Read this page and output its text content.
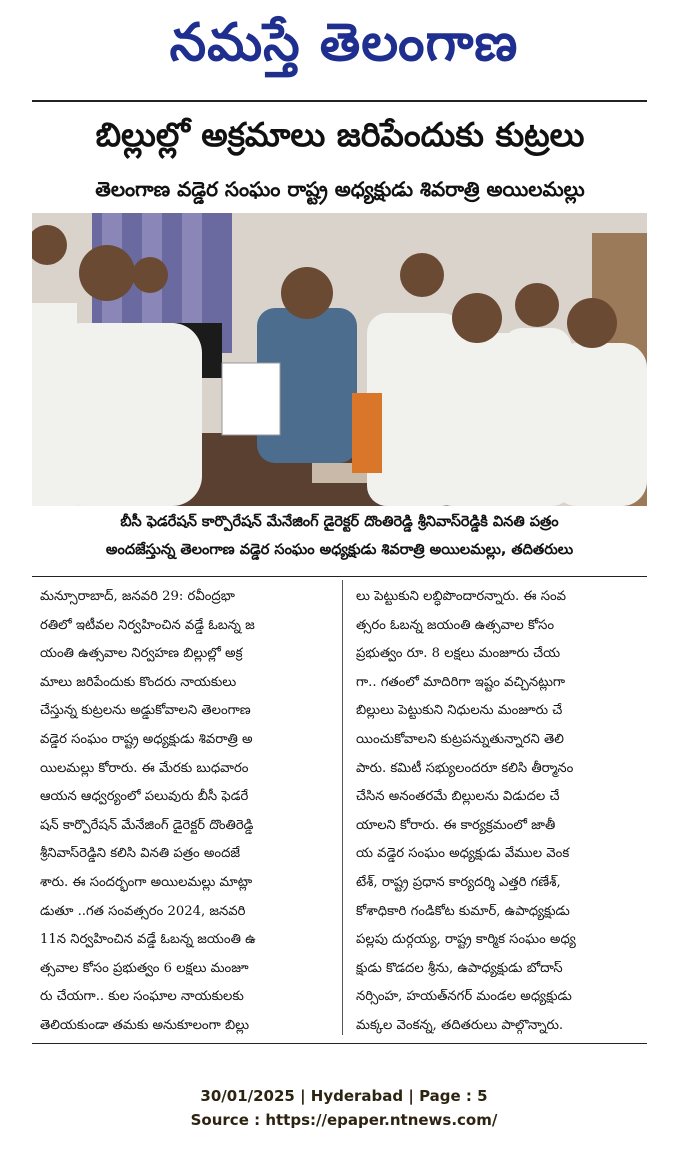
నమస్తే తెలంగాణ
బిల్లుల్లో అక్రమాలు జరిపేందుకు కుట్రలు
తెలంగాణ వడ్డెర సంఘం రాష్ట్ర అధ్యక్షుడు శివరాత్రి అయిలమల్లు
బీసీ ఫెడరేషన్ కార్పొరేషన్ మేనేజింగ్ డైరెక్టర్ దొంతిరెడ్డి శ్రీనివాస్‌రెడ్డికి వినతి పత్రం
అందజేస్తున్న తెలంగాణ వడ్డెర సంఘం అధ్యక్షుడు శివరాత్రి అయిలమల్లు, తదితరులు
మన్సూరాబాద్, జనవరి 29: రవీంద్రభా
రతిలో ఇటీవల నిర్వహించిన వడ్డే ఓబన్న జ
యంతి ఉత్సవాల నిర్వహణ బిల్లుల్లో అక్ర
మాలు జరిపేందుకు కొందరు నాయకులు
చేస్తున్న కుట్రలను అడ్డుకోవాలని తెలంగాణ
వడ్డెర సంఘం రాష్ట్ర అధ్యక్షుడు శివరాత్రి అ
యిలమల్లు కోరారు. ఈ మేరకు బుధవారం
ఆయన ఆధ్వర్యంలో పలువురు బీసీ ఫెడరే
షన్ కార్పొరేషన్ మేనేజింగ్ డైరెక్టర్ దొంతిరెడ్డి
శ్రీనివాస్‌రెడ్డిని కలిసి వినతి పత్రం అందజే
శారు. ఈ సందర్భంగా అయిలమల్లు మాట్లా
డుతూ ..గత సంవత్సరం 2024, జనవరి
11న నిర్వహించిన వడ్డే ఓబన్న జయంతి ఉ
త్సవాల కోసం ప్రభుత్వం 6 లక్షలు మంజూ
రు చేయగా.. కుల సంఘాల నాయకులకు
తెలియకుండా తమకు అనుకూలంగా బిల్లు
లు పెట్టుకుని లబ్ధిపొందారన్నారు. ఈ సంవ
త్సరం ఓబన్న జయంతి ఉత్సవాల కోసం
ప్రభుత్వం రూ. 8 లక్షలు మంజూరు చేయ
గా.. గతంలో మాదిరిగా ఇష్టం వచ్చినట్లుగా
బిల్లులు పెట్టుకుని నిధులను మంజూరు చే
యించుకోవాలని కుట్రపన్నుతున్నారని తెలి
పారు. కమిటీ సభ్యులందరూ కలిసి తీర్మానం
చేసిన అనంతరమే బిల్లులను విడుదల చే
యాలని కోరారు. ఈ కార్యక్రమంలో జాతీ
య వడ్డెర సంఘం అధ్యక్షుడు వేముల వెంక
టేశ్, రాష్ట్ర ప్రధాన కార్యదర్శి ఎత్తరి గణేశ్,
కోశాధికారి గండికోట కుమార్, ఉపాధ్యక్షుడు
పల్లపు దుర్గయ్య, రాష్ట్ర కార్మిక సంఘం అధ్య
క్షుడు కొడదల శ్రీను, ఉపాధ్యక్షుడు బోదాస్
నర్సింహ, హయత్‌నగర్ మండల అధ్యక్షుడు
మక్కల వెంకన్న, తదితరులు పాల్గొన్నారు.

30/01/2025 | Hyderabad | Page : 5
Source : https://epaper.ntnews.com/
